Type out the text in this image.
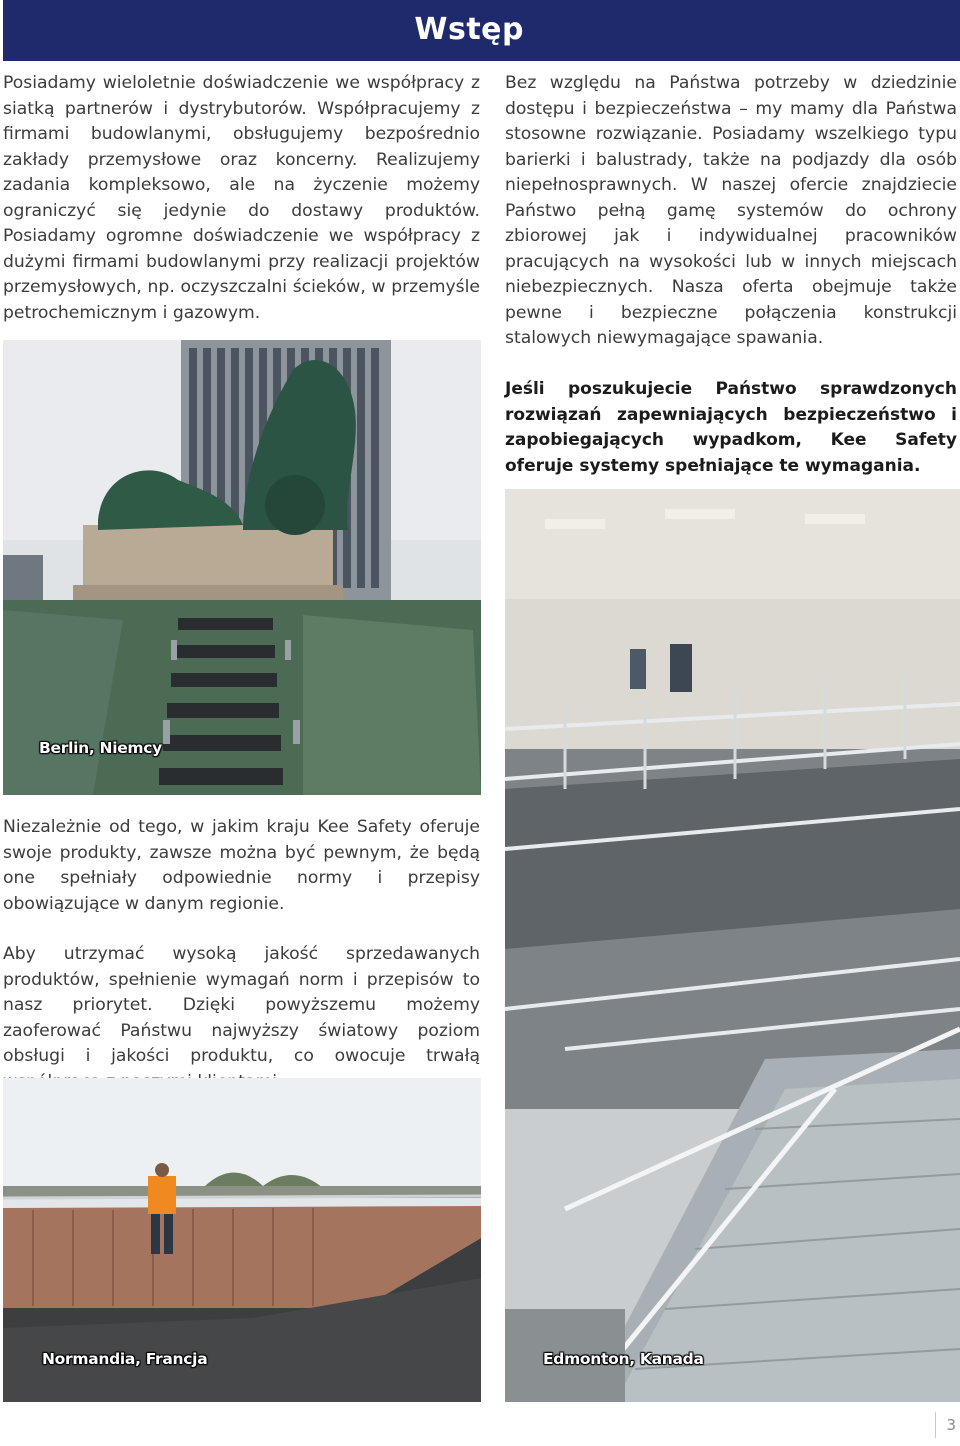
Wstęp

Posiadamy wieloletnie doświadczenie we współpracy z siatką partnerów i dystrybutorów. Współpracujemy z firmami budowlanymi, obsługujemy bezpośrednio zakłady przemysłowe oraz koncerny. Realizujemy zadania kompleksowo, ale na życzenie możemy ograniczyć się jedynie do dostawy produktów. Posiadamy ogromne doświadczenie we współpracy z dużymi firmami budowlanymi przy realizacji projektów przemysłowych, np. oczyszczalni ścieków, w przemyśle petrochemicznym i gazowym.

Bez względu na Państwa potrzeby w dziedzinie dostępu i bezpieczeństwa – my mamy dla Państwa stosowne rozwiązanie. Posiadamy wszelkiego typu barierki i balustrady, także na podjazdy dla osób niepełnosprawnych. W naszej ofercie znajdziecie Państwo pełną gamę systemów do ochrony zbiorowej jak i indywidualnej pracowników pracujących na wysokości lub w innych miejscach niebezpiecznych. Nasza oferta obejmuje także pewne i bezpieczne połączenia konstrukcji stalowych niewymagające spawania.

Jeśli poszukujecie Państwo sprawdzonych rozwiązań zapewniających bezpieczeństwo i zapobiegających wypadkom, Kee Safety oferuje systemy spełniające te wymagania.

Berlin, Niemcy
Edmonton, Kanada

Niezależnie od tego, w jakim kraju Kee Safety oferuje swoje produkty, zawsze można być pewnym, że będą one spełniały odpowiednie normy i przepisy obowiązujące w danym regionie.

Aby utrzymać wysoką jakość sprzedawanych produktów, spełnienie wymagań norm i przepisów to nasz priorytet. Dzięki powyższemu możemy zaoferować Państwu najwyższy światowy poziom obsługi i jakości produktu, co owocuje trwałą

Normandia, Francja
3
